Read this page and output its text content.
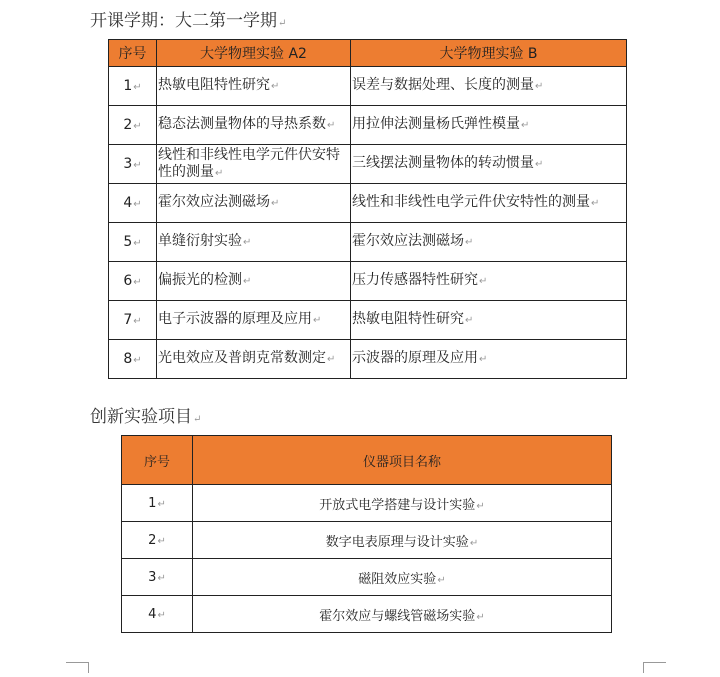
开课学期：大二第一学期↵
序号	大学物理实验 A2	大学物理实验 B
1↵	热敏电阻特性研究↵	误差与数据处理、长度的测量↵
2↵	稳态法测量物体的导热系数↵	用拉伸法测量杨氏弹性模量↵
3↵	线性和非线性电学元件伏安特性的测量↵	三线摆法测量物体的转动惯量↵
4↵	霍尔效应法测磁场↵	线性和非线性电学元件伏安特性的测量↵
5↵	单缝衍射实验↵	霍尔效应法测磁场↵
6↵	偏振光的检测↵	压力传感器特性研究↵
7↵	电子示波器的原理及应用↵	热敏电阻特性研究↵
8↵	光电效应及普朗克常数测定↵	示波器的原理及应用↵
创新实验项目↵
序号	仪器项目名称
1↵	开放式电学搭建与设计实验↵
2↵	数字电表原理与设计实验↵
3↵	磁阻效应实验↵
4↵	霍尔效应与螺线管磁场实验↵
